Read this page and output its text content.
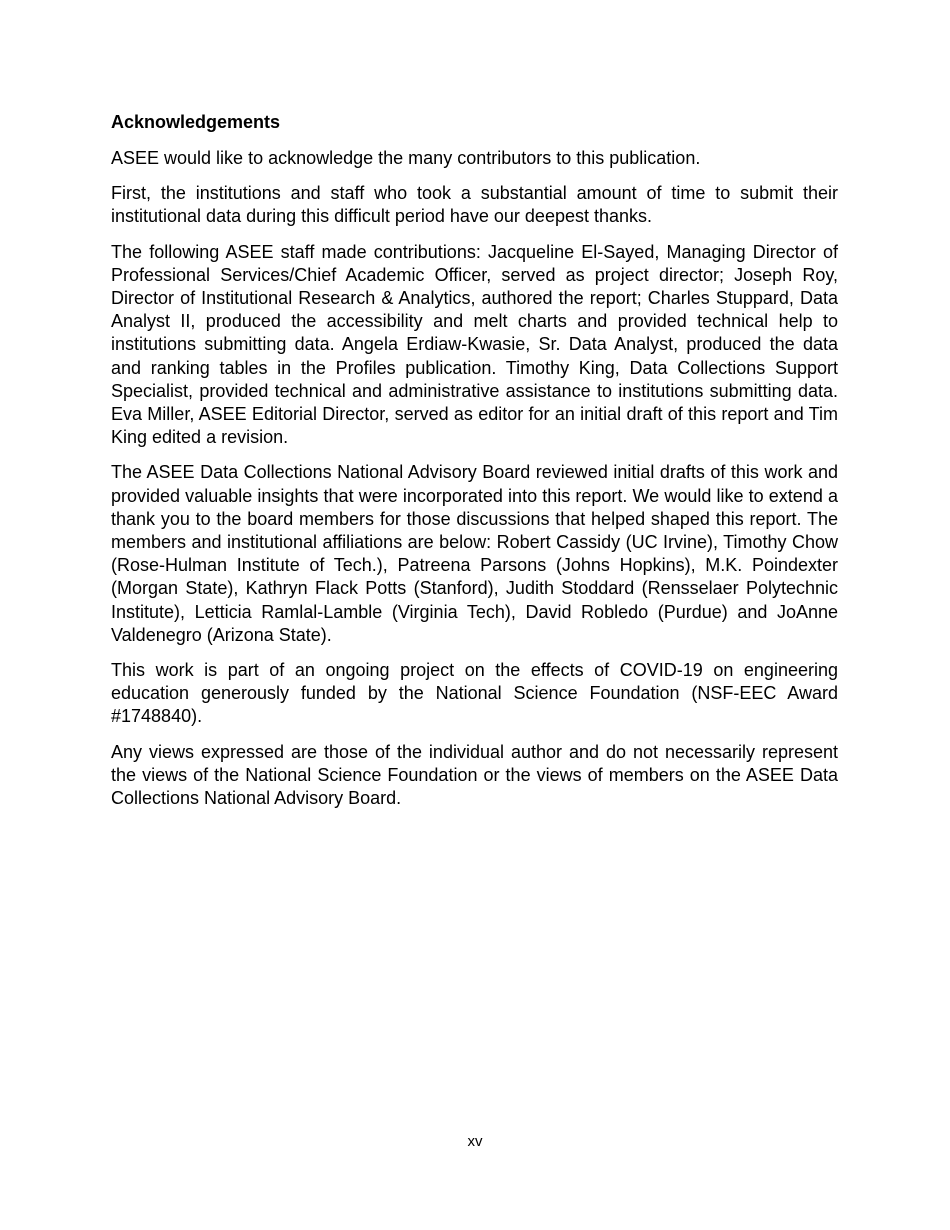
Acknowledgements

ASEE would like to acknowledge the many contributors to this publication.

First, the institutions and staff who took a substantial amount of time to submit their institutional data during this difficult period have our deepest thanks.

The following ASEE staff made contributions: Jacqueline El-Sayed, Managing Director of Professional Services/Chief Academic Officer, served as project director; Joseph Roy, Director of Institutional Research & Analytics, authored the report; Charles Stuppard, Data Analyst II, produced the accessibility and melt charts and provided technical help to institutions submitting data. Angela Erdiaw-Kwasie, Sr. Data Analyst, produced the data and ranking tables in the Profiles publication. Timothy King, Data Collections Support Specialist, provided technical and administrative assistance to institutions submitting data. Eva Miller, ASEE Editorial Director, served as editor for an initial draft of this report and Tim King edited a revision.

The ASEE Data Collections National Advisory Board reviewed initial drafts of this work and provided valuable insights that were incorporated into this report. We would like to extend a thank you to the board members for those discussions that helped shaped this report. The members and institutional affiliations are below: Robert Cassidy (UC Irvine), Timothy Chow (Rose-Hulman Institute of Tech.), Patreena Parsons (Johns Hopkins), M.K. Poindexter (Morgan State), Kathryn Flack Potts (Stanford), Judith Stoddard (Rensselaer Polytechnic Institute), Letticia Ramlal-Lamble (Virginia Tech), David Robledo (Purdue) and JoAnne Valdenegro (Arizona State).

This work is part of an ongoing project on the effects of COVID-19 on engineering education generously funded by the National Science Foundation (NSF-EEC Award #1748840).

Any views expressed are those of the individual author and do not necessarily represent the views of the National Science Foundation or the views of members on the ASEE Data Collections National Advisory Board.

xv
